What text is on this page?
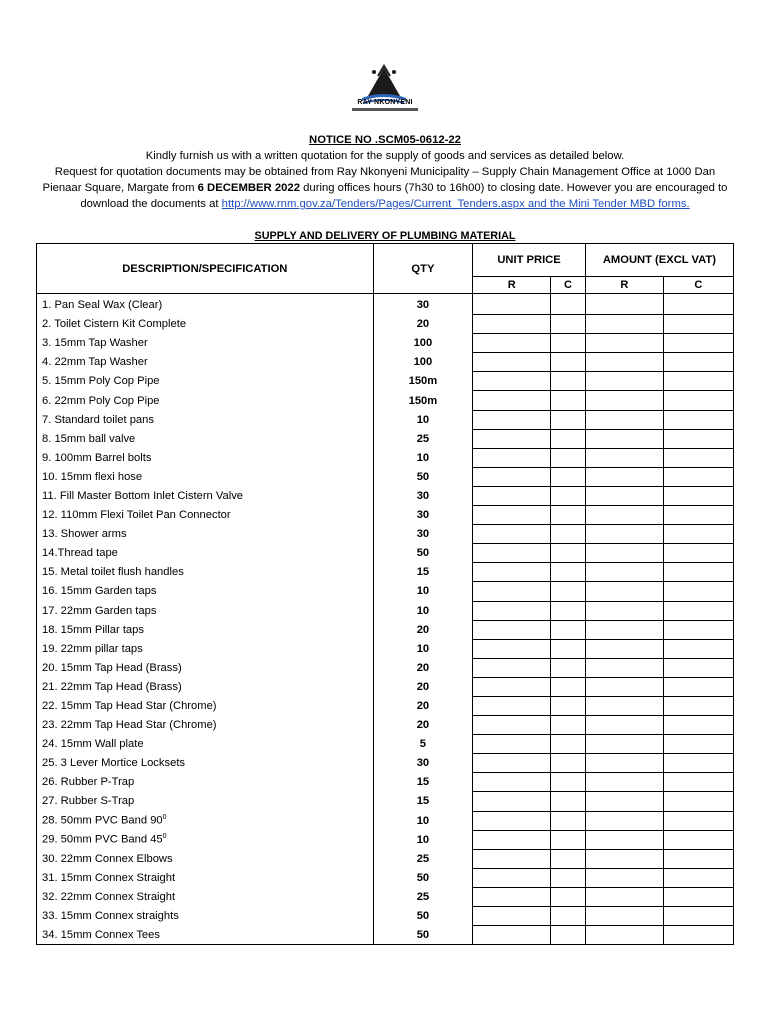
RAY NKONYENI
NOTICE NO .SCM05-0612-22
Kindly furnish us with a written quotation for the supply of goods and services as detailed below.
Request for quotation documents may be obtained from Ray Nkonyeni Municipality – Supply Chain Management Office at 1000 Dan
Pienaar Square, Margate from 6 DECEMBER 2022 during offices hours (7h30 to 16h00) to closing date. However you are encouraged to
download the documents at http://www.rnm.gov.za/Tenders/Pages/Current_Tenders.aspx and the Mini Tender MBD forms.
SUPPLY AND DELIVERY OF PLUMBING MATERIAL
DESCRIPTION/SPECIFICATION	QTY	UNIT PRICE		AMOUNT (EXCL VAT)	
		R	C	R	C
1. Pan Seal Wax (Clear)	30				
2. Toilet Cistern Kit Complete	20				
3. 15mm Tap Washer	100				
4. 22mm Tap Washer	100				
5. 15mm Poly Cop Pipe	150m				
6. 22mm Poly Cop Pipe	150m				
7. Standard toilet pans	10				
8. 15mm ball valve	25				
9. 100mm Barrel bolts	10				
10. 15mm flexi hose	50				
11. Fill Master Bottom Inlet Cistern Valve	30				
12. 110mm Flexi Toilet Pan Connector	30				
13. Shower arms	30				
14.Thread tape	50				
15. Metal toilet flush handles	15				
16. 15mm Garden taps	10				
17. 22mm Garden taps	10				
18. 15mm Pillar taps	20				
19. 22mm pillar taps	10				
20. 15mm Tap Head (Brass)	20				
21. 22mm Tap Head (Brass)	20				
22. 15mm Tap Head Star (Chrome)	20				
23. 22mm Tap Head Star (Chrome)	20				
24. 15mm Wall plate	5				
25. 3 Lever Mortice Locksets	30				
26. Rubber P-Trap	15				
27. Rubber S-Trap	15				
28. 50mm PVC Band $90^0$	10				
29. 50mm PVC Band $45^0$	10				
30. 22mm Connex Elbows	25				
31. 15mm Connex Straight	50				
32. 22mm Connex Straight	25				
33. 15mm Connex straights	50				
34. 15mm Connex Tees	50				
